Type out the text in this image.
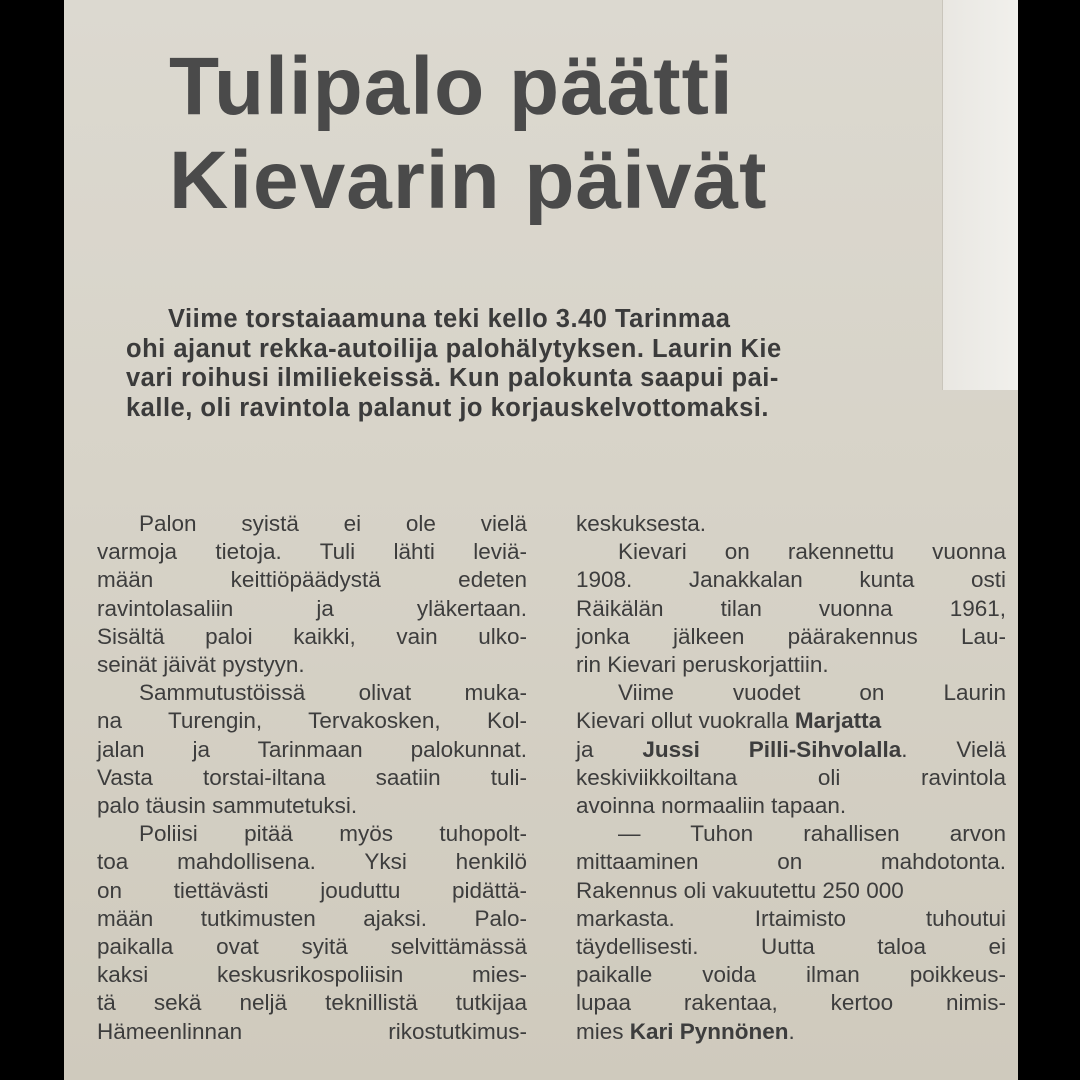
Tulipalo päätti
Kievarin päivät
Viime torstaiaamuna teki kello 3.40 Tarinmaa
ohi ajanut rekka-autoilija palohälytyksen. Laurin Kie
vari roihusi ilmiliekeissä. Kun palokunta saapui pai-
kalle, oli ravintola palanut jo korjauskelvottomaksi.
Palon syistä ei ole vielä
varmoja tietoja. Tuli lähti leviä-
mään keittiöpäädystä edeten
ravintolasaliin ja yläkertaan.
Sisältä paloi kaikki, vain ulko-
seinät jäivät pystyyn.
Sammutustöissä olivat muka-
na Turengin, Tervakosken, Kol-
jalan ja Tarinmaan palokunnat.
Vasta torstai-iltana saatiin tuli-
palo täusin sammutetuksi.
Poliisi pitää myös tuhopolt-
toa mahdollisena. Yksi henkilö
on tiettävästi jouduttu pidättä-
mään tutkimusten ajaksi. Palo-
paikalla ovat syitä selvittämässä
kaksi keskusrikospoliisin mies-
tä sekä neljä teknillistä tutkijaa
Hämeenlinnan rikostutkimus-
keskuksesta.
Kievari on rakennettu vuonna
1908. Janakkalan kunta osti
Räikälän tilan vuonna 1961,
jonka jälkeen päärakennus Lau-
rin Kievari peruskorjattiin.
Viime vuodet on Laurin
Kievari ollut vuokralla Marjatta
ja Jussi Pilli-Sihvolalla. Vielä
keskiviikkoiltana oli ravintola
avoinna normaaliin tapaan.
— Tuhon rahallisen arvon
mittaaminen on mahdotonta.
Rakennus oli vakuutettu 250 000
markasta. Irtaimisto tuhoutui
täydellisesti. Uutta taloa ei
paikalle voida ilman poikkeus-
lupaa rakentaa, kertoo nimis-
mies Kari Pynnönen.
